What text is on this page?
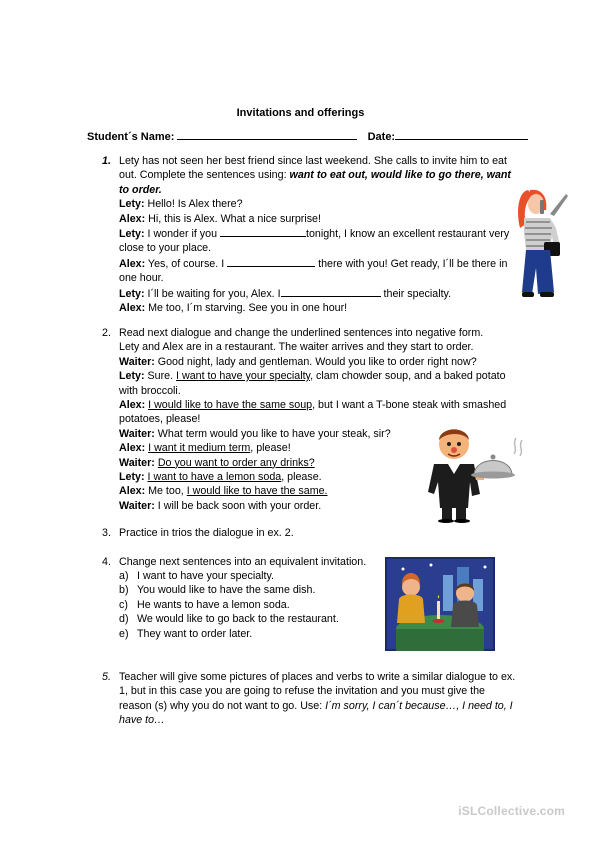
Invitations and offerings
Student´s Name:	Date:
1. Lety has not seen her best friend since last weekend. She calls to invite him to eat out. Complete the sentences using: want to eat out, would like to go there, want to order.

Lety: Hello! Is Alex there?

Alex: Hi, this is Alex. What a nice surprise!

Lety: I wonder if you	tonight, I know an excellent restaurant very close to your place.

Alex: Yes, of course. I	there with you! Get ready, I´ll be there in one hour.

Lety: I´ll be waiting for you, Alex. I	their specialty.

Alex: Me too, I´m starving. See you in one hour!

2. Read next dialogue and change the underlined sentences into negative form.

Lety and Alex are in a restaurant. The waiter arrives and they start to order.

Waiter: Good night, lady and gentleman. Would you like to order right now?

Lety: Sure. I want to have your specialty, clam chowder soup, and a baked potato with broccoli.

Alex: I would like to have the same soup, but I want a T-bone steak with smashed potatoes, please!

Waiter: What term would you like to have your steak, sir?

Alex: I want it medium term, please!

Waiter: Do you want to order any drinks?

Lety: I want to have a lemon soda, please.

Alex: Me too, I would like to have the same.

Waiter: I will be back soon with your order.

3. Practice in trios the dialogue in ex. 2.
4. Change next sentences into an equivalent invitation.
a) I want to have your specialty.
b) You would like to have the same dish.
c) He wants to have a lemon soda.
d) We would like to go back to the restaurant.
e) They want to order later.
5. Teacher will give some pictures of places and verbs to write a similar dialogue to ex. 1, but in this case you are going to refuse the invitation and you must give the reason (s) why you do not want to go. Use: I´m sorry, I can´t because…, I need to, I have to…
iSLCollective.com
